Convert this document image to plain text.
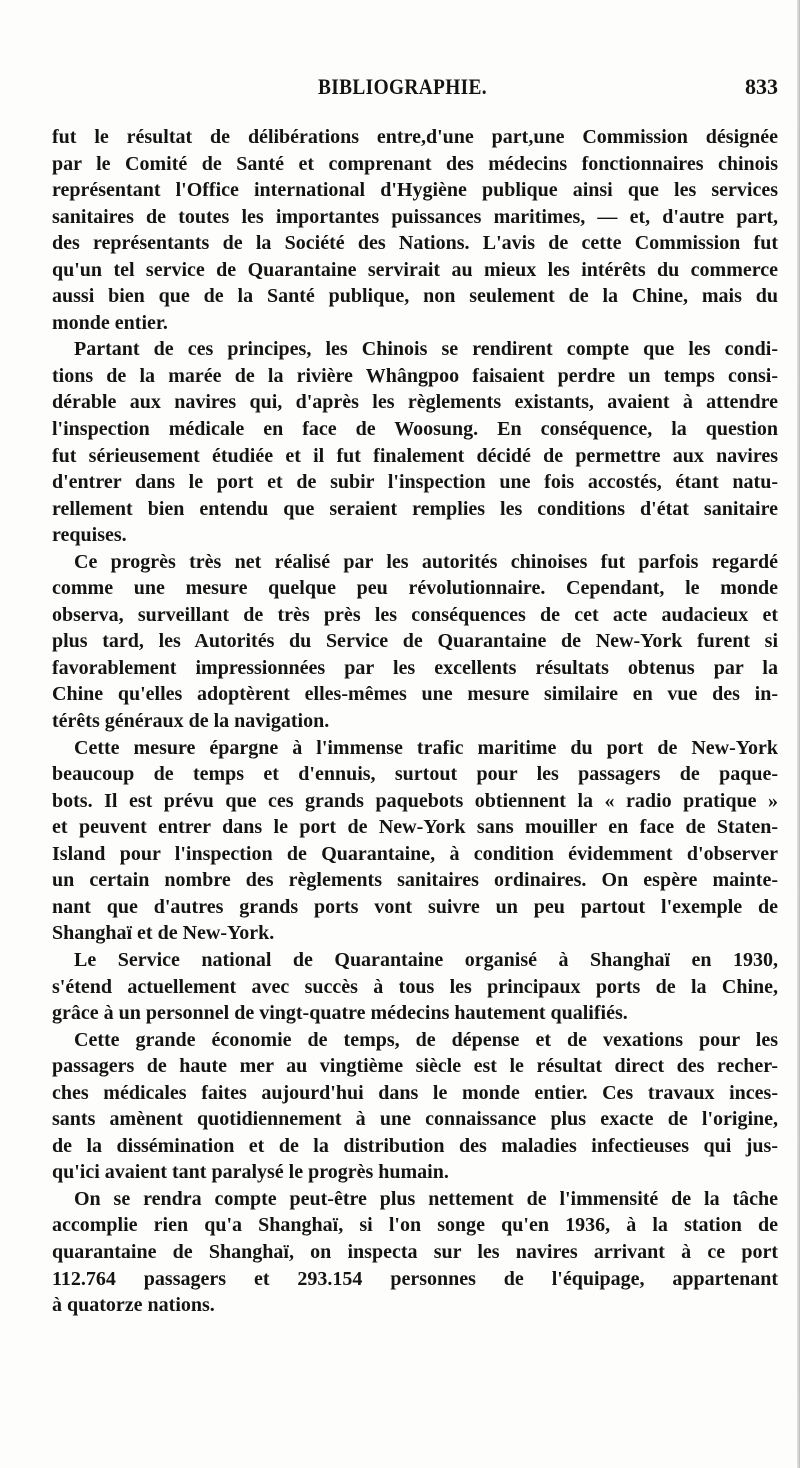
BIBLIOGRAPHIE.	833
fut le résultat de délibérations entre,d'une part,une Commission désignée
par le Comité de Santé et comprenant des médecins fonctionnaires chinois
représentant l'Office international d'Hygiène publique ainsi que les services
sanitaires de toutes les importantes puissances maritimes, — et, d'autre part,
des représentants de la Société des Nations. L'avis de cette Commission fut
qu'un tel service de Quarantaine servirait au mieux les intérêts du commerce
aussi bien que de la Santé publique, non seulement de la Chine, mais du
monde entier.
Partant de ces principes, les Chinois se rendirent compte que les condi-
tions de la marée de la rivière Whângpoo faisaient perdre un temps consi-
dérable aux navires qui, d'après les règlements existants, avaient à attendre
l'inspection médicale en face de Woosung. En conséquence, la question
fut sérieusement étudiée et il fut finalement décidé de permettre aux navires
d'entrer dans le port et de subir l'inspection une fois accostés, étant natu-
rellement bien entendu que seraient remplies les conditions d'état sanitaire
requises.
Ce progrès très net réalisé par les autorités chinoises fut parfois regardé
comme une mesure quelque peu révolutionnaire. Cependant, le monde
observa, surveillant de très près les conséquences de cet acte audacieux et
plus tard, les Autorités du Service de Quarantaine de New-York furent si
favorablement impressionnées par les excellents résultats obtenus par la
Chine qu'elles adoptèrent elles-mêmes une mesure similaire en vue des in-
térêts généraux de la navigation.
Cette mesure épargne à l'immense trafic maritime du port de New-York
beaucoup de temps et d'ennuis, surtout pour les passagers de paque-
bots. Il est prévu que ces grands paquebots obtiennent la « radio pratique »
et peuvent entrer dans le port de New-York sans mouiller en face de Staten-
Island pour l'inspection de Quarantaine, à condition évidemment d'observer
un certain nombre des règlements sanitaires ordinaires. On espère mainte-
nant que d'autres grands ports vont suivre un peu partout l'exemple de
Shanghaï et de New-York.
Le Service national de Quarantaine organisé à Shanghaï en 1930,
s'étend actuellement avec succès à tous les principaux ports de la Chine,
grâce à un personnel de vingt-quatre médecins hautement qualifiés.
Cette grande économie de temps, de dépense et de vexations pour les
passagers de haute mer au vingtième siècle est le résultat direct des recher-
ches médicales faites aujourd'hui dans le monde entier. Ces travaux inces-
sants amènent quotidiennement à une connaissance plus exacte de l'origine,
de la dissémination et de la distribution des maladies infectieuses qui jus-
qu'ici avaient tant paralysé le progrès humain.
On se rendra compte peut-être plus nettement de l'immensité de la tâche
accomplie rien qu'a Shanghaï, si l'on songe qu'en 1936, à la station de
quarantaine de Shanghaï, on inspecta sur les navires arrivant à ce port
112.764 passagers et 293.154 personnes de l'équipage, appartenant
à quatorze nations.
